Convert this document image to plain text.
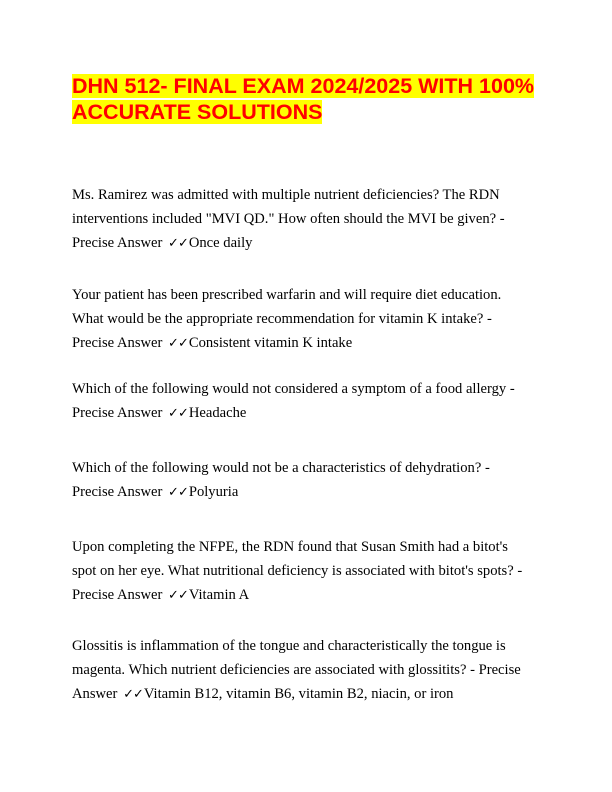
DHN 512- FINAL EXAM 2024/2025 WITH 100% ACCURATE SOLUTIONS

Ms. Ramirez was admitted with multiple nutrient deficiencies? The RDN interventions included "MVI QD." How often should the MVI be given? - Precise Answer ✓✓Once daily

Your patient has been prescribed warfarin and will require diet education. What would be the appropriate recommendation for vitamin K intake? - Precise Answer ✓✓Consistent vitamin K intake

Which of the following would not considered a symptom of a food allergy - Precise Answer ✓✓Headache

Which of the following would not be a characteristics of dehydration? - Precise Answer ✓✓Polyuria

Upon completing the NFPE, the RDN found that Susan Smith had a bitot's spot on her eye. What nutritional deficiency is associated with bitot's spots? - Precise Answer ✓✓Vitamin A

Glossitis is inflammation of the tongue and characteristically the tongue is magenta. Which nutrient deficiencies are associated with glossitits? - Precise Answer ✓✓Vitamin B12, vitamin B6, vitamin B2, niacin, or iron
